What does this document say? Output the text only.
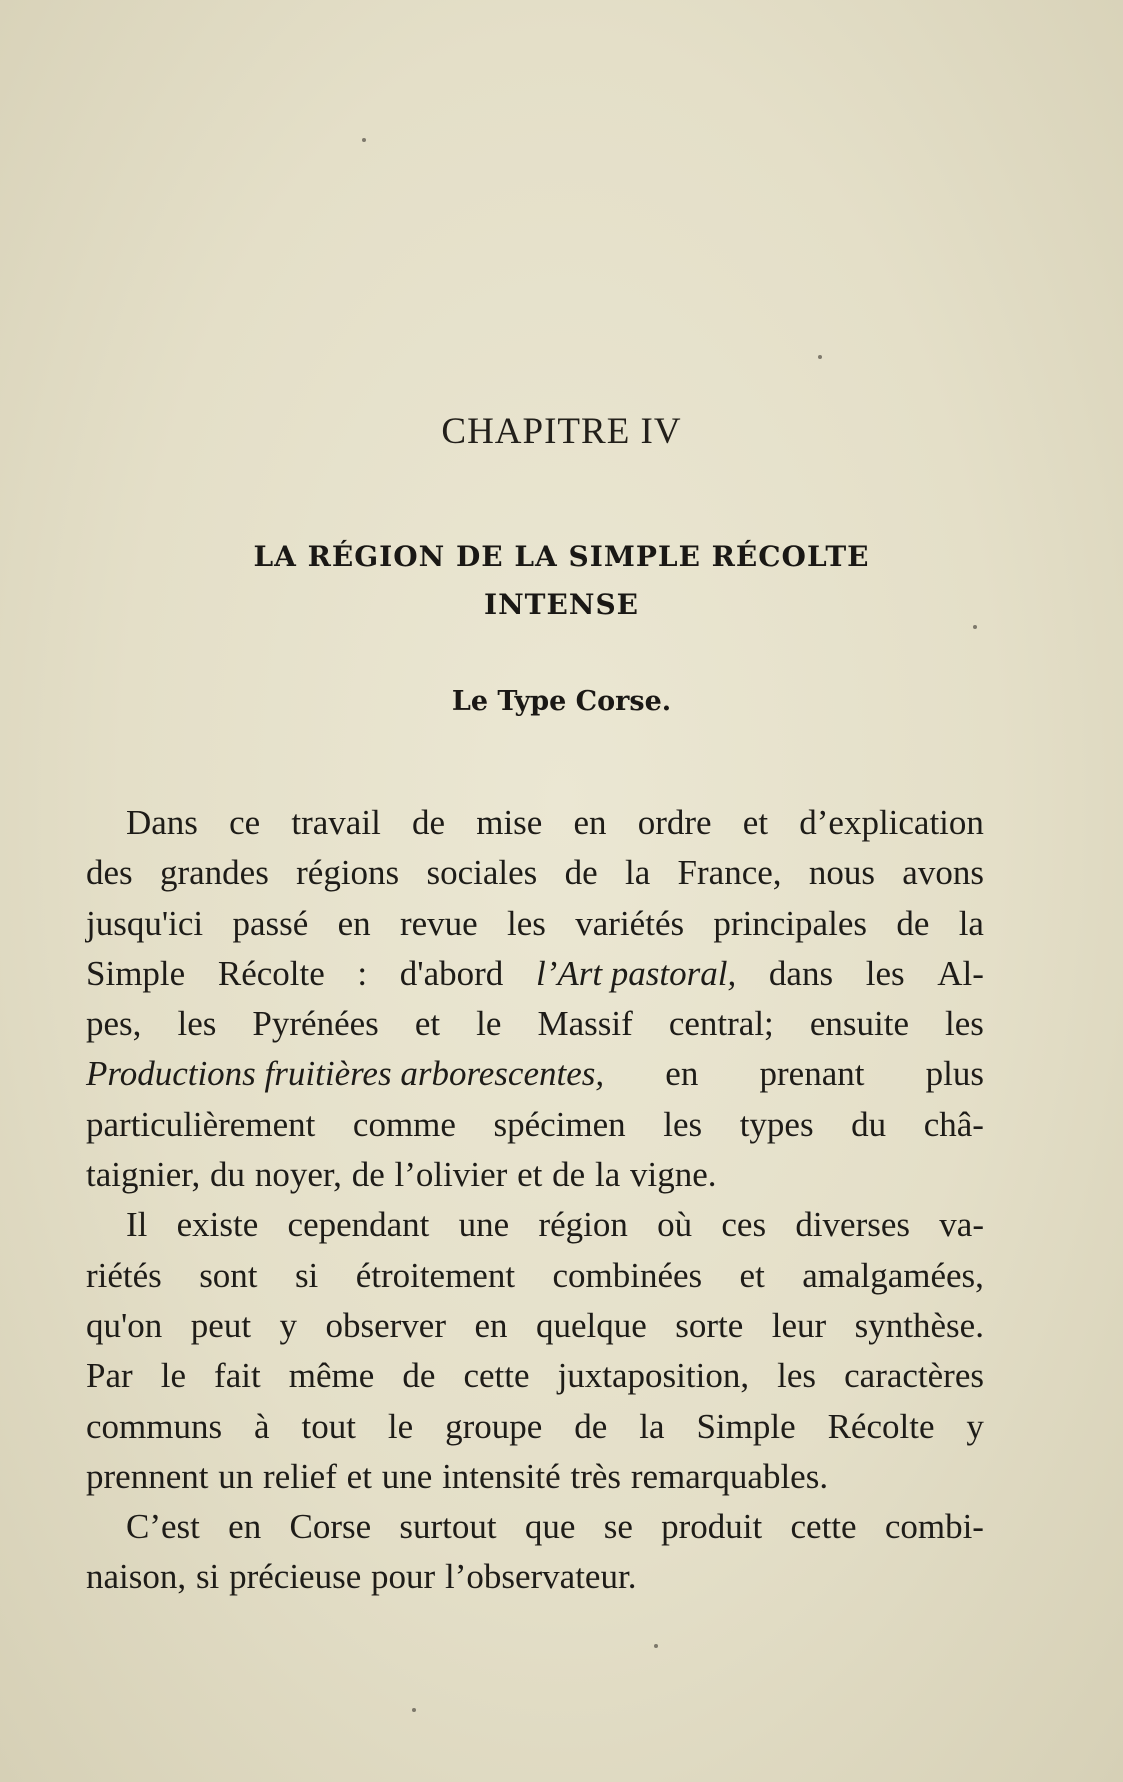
CHAPITRE IV
LA RÉGION DE LA SIMPLE RÉCOLTE
INTENSE
Le Type Corse.
Dans ce travail de mise en ordre et d’explication
des grandes régions sociales de la France, nous avons
jusqu'ici passé en revue les variétés principales de la
Simple Récolte : d'abord l’Art pastoral, dans les Al-
pes, les Pyrénées et le Massif central; ensuite les
Productions fruitières arborescentes, en prenant plus
particulièrement comme spécimen les types du châ-
taignier, du noyer, de l’olivier et de la vigne.
Il existe cependant une région où ces diverses va-
riétés sont si étroitement combinées et amalgamées,
qu'on peut y observer en quelque sorte leur synthèse.
Par le fait même de cette juxtaposition, les caractères
communs à tout le groupe de la Simple Récolte y
prennent un relief et une intensité très remarquables.
C’est en Corse surtout que se produit cette combi-
naison, si précieuse pour l’observateur.
